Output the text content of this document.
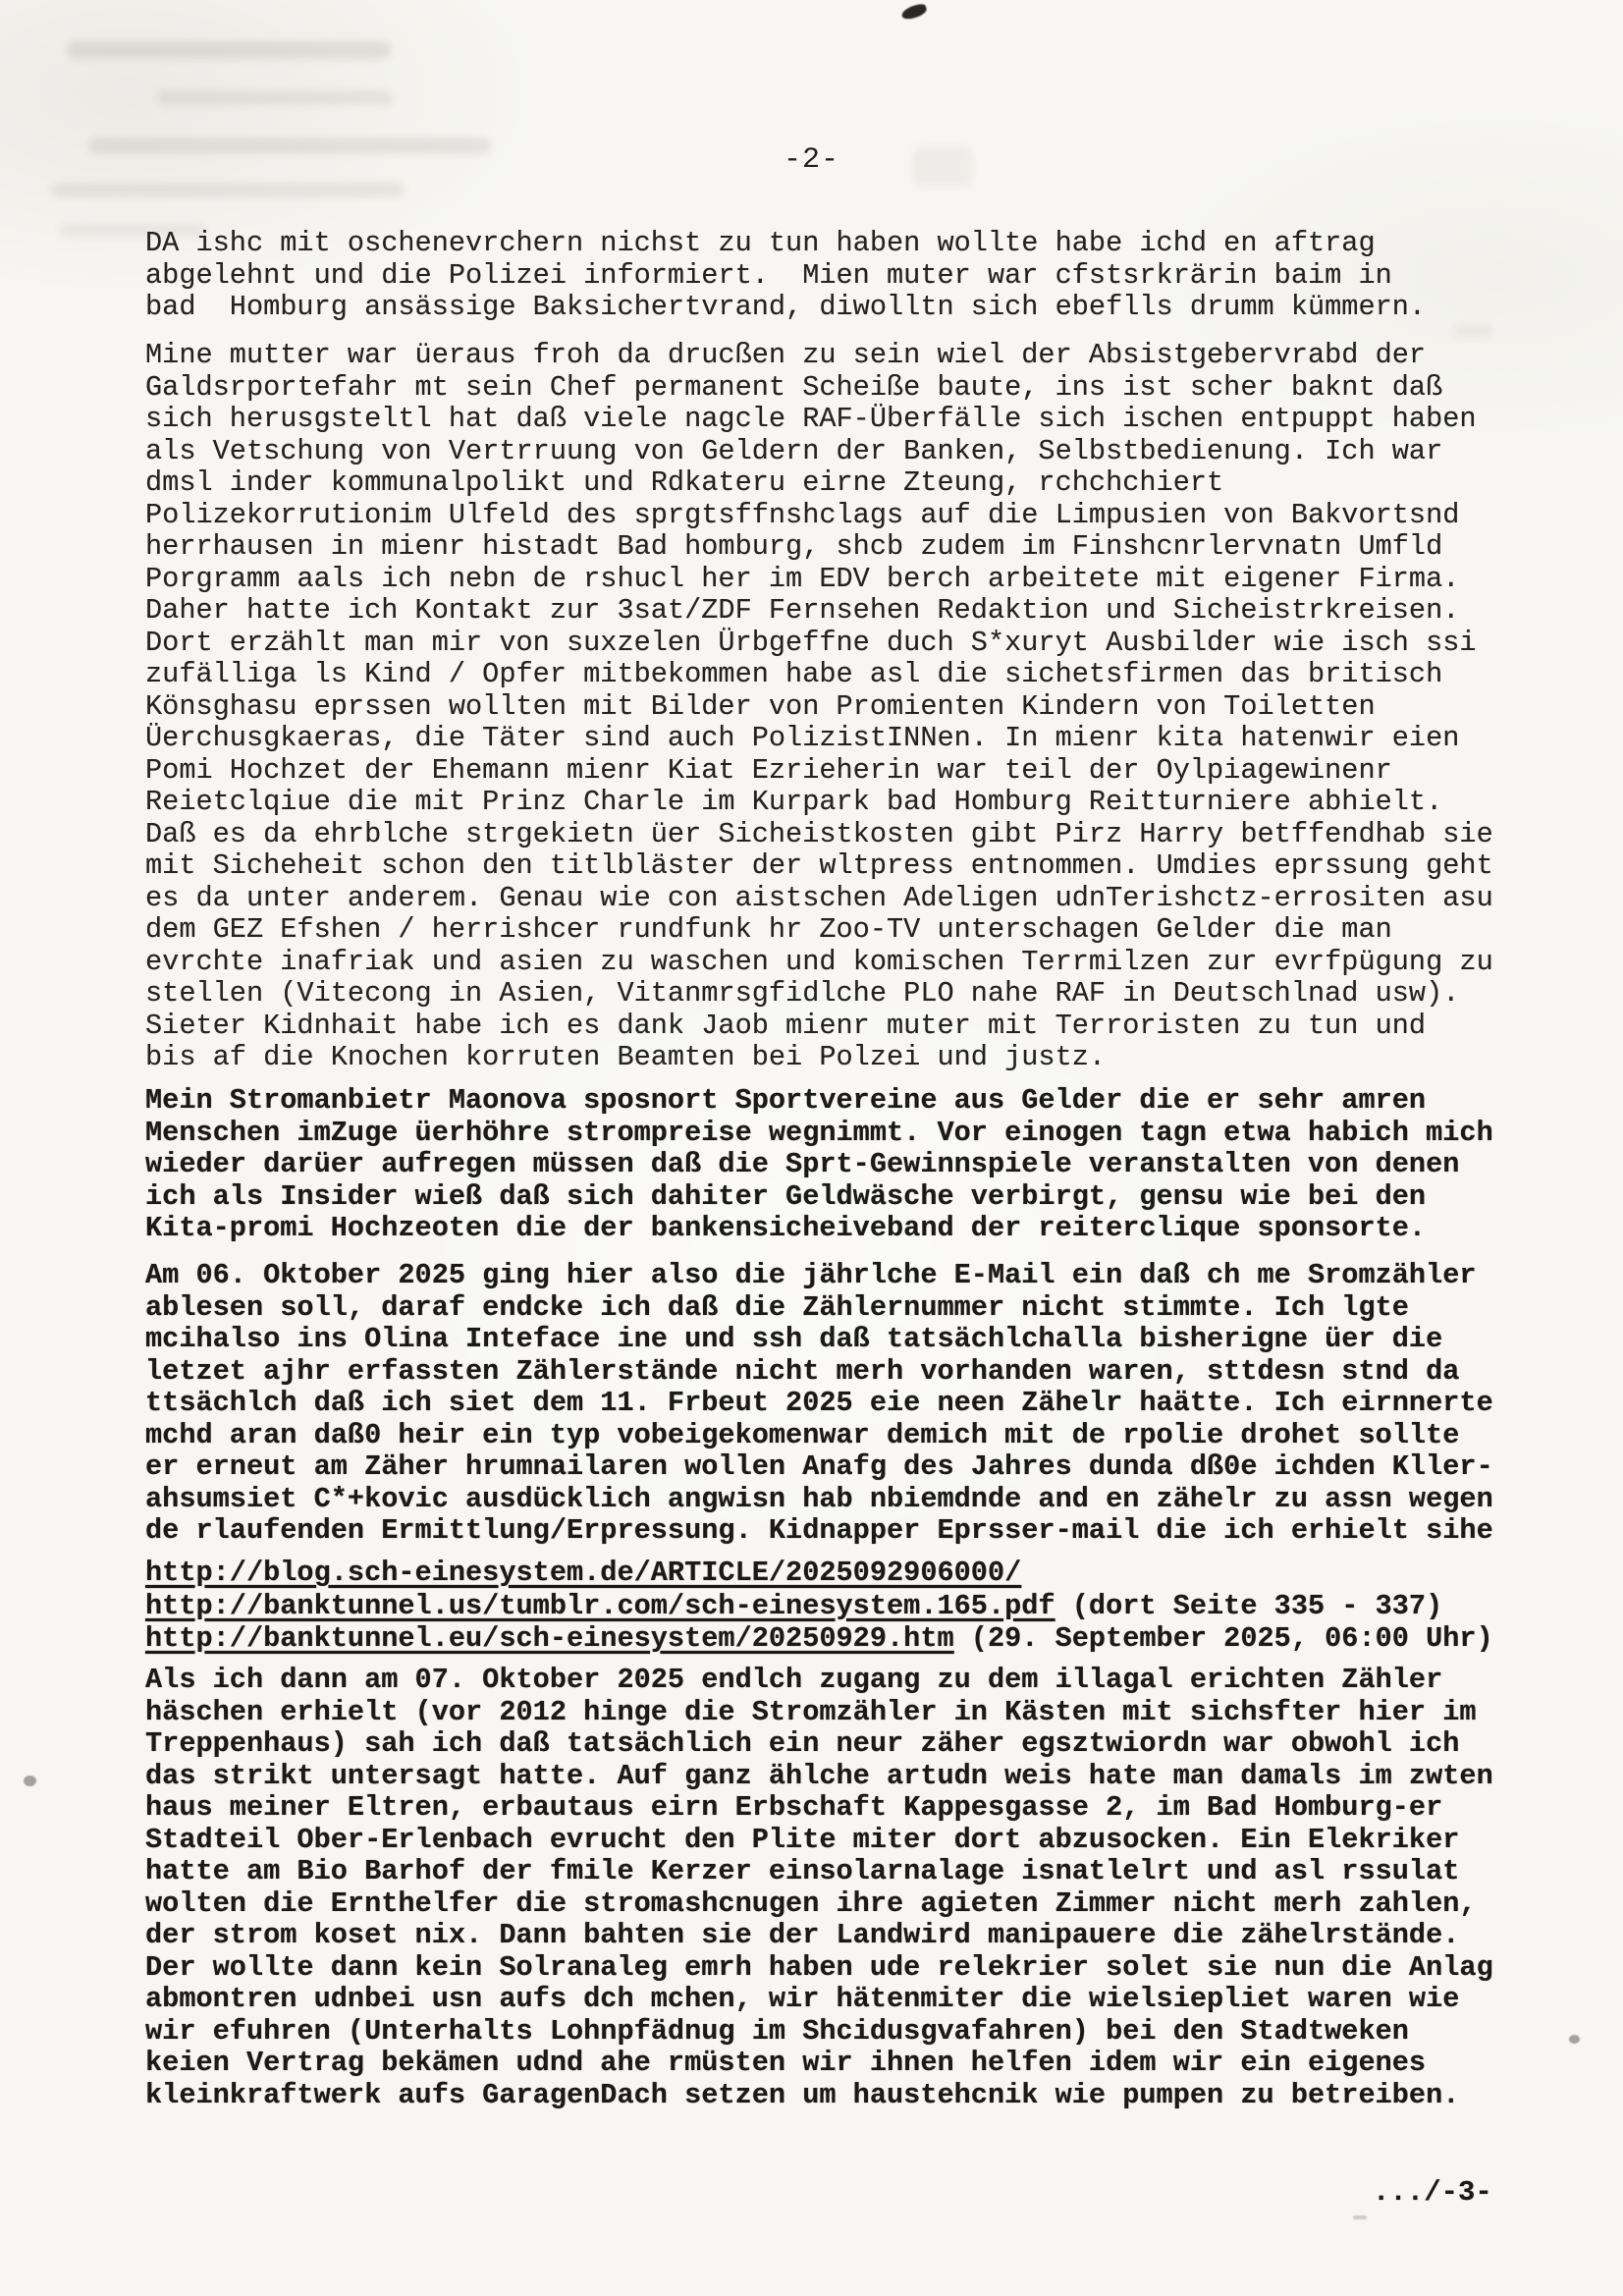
-2-
DA ishc mit oschenevrchern nichst zu tun haben wollte habe ichd en aftrag
abgelehnt und die Polizei informiert.  Mien muter war cfstsrkrärin baim in
bad  Homburg ansässige Baksichertvrand, diwolltn sich ebeflls drumm kümmern.
Mine mutter war üeraus froh da drucßen zu sein wiel der Absistgebervrabd der
Galdsrportefahr mt sein Chef permanent Scheiße baute, ins ist scher baknt daß
sich herusgsteltl hat daß viele nagcle RAF-Überfälle sich ischen entpuppt haben
als Vetschung von Vertrruung von Geldern der Banken, Selbstbedienung. Ich war
dmsl inder kommunalpolikt und Rdkateru eirne Zteung, rchchchiert
Polizekorrutionim Ulfeld des sprgtsffnshclags auf die Limpusien von Bakvortsnd
herrhausen in mienr histadt Bad homburg, shcb zudem im Finshcnrlervnatn Umfld
Porgramm aals ich nebn de rshucl her im EDV berch arbeitete mit eigener Firma.
Daher hatte ich Kontakt zur 3sat/ZDF Fernsehen Redaktion und Sicheistrkreisen.
Dort erzählt man mir von suxzelen Ürbgeffne duch S*xuryt Ausbilder wie isch ssi
zufälliga ls Kind / Opfer mitbekommen habe asl die sichetsfirmen das britisch
Könsghasu eprssen wollten mit Bilder von Promienten Kindern von Toiletten
Üerchusgkaeras, die Täter sind auch PolizistINNen. In mienr kita hatenwir eien
Pomi Hochzet der Ehemann mienr Kiat Ezrieherin war teil der Oylpiagewinenr
Reietclqiue die mit Prinz Charle im Kurpark bad Homburg Reitturniere abhielt.
Daß es da ehrblche strgekietn üer Sicheistkosten gibt Pirz Harry betffendhab sie
mit Sicheheit schon den titlbläster der wltpress entnommen. Umdies eprssung geht
es da unter anderem. Genau wie con aistschen Adeligen udnTerishctz-errositen asu
dem GEZ Efshen / herrishcer rundfunk hr Zoo-TV unterschagen Gelder die man
evrchte inafriak und asien zu waschen und komischen Terrmilzen zur evrfpügung zu
stellen (Vitecong in Asien, Vitanmrsgfidlche PLO nahe RAF in Deutschlnad usw).
Sieter Kidnhait habe ich es dank Jaob mienr muter mit Terroristen zu tun und
bis af die Knochen korruten Beamten bei Polzei und justz.
Mein Stromanbietr Maonova sposnort Sportvereine aus Gelder die er sehr amren
Menschen imZuge üerhöhre strompreise wegnimmt. Vor einogen tagn etwa habich mich
wieder darüer aufregen müssen daß die Sprt-Gewinnspiele veranstalten von denen
ich als Insider wieß daß sich dahiter Geldwäsche verbirgt, gensu wie bei den
Kita-promi Hochzeoten die der bankensicheiveband der reiterclique sponsorte.
Am 06. Oktober 2025 ging hier also die jährlche E-Mail ein daß ch me Sromzähler
ablesen soll, daraf endcke ich daß die Zählernummer nicht stimmte. Ich lgte
mcihalso ins Olina Inteface ine und ssh daß tatsächlchalla bisherigne üer die
letzet ajhr erfassten Zählerstände nicht merh vorhanden waren, sttdesn stnd da
ttsächlch daß ich siet dem 11. Frbeut 2025 eie neen Zähelr haätte. Ich eirnnerte
mchd aran daß0 heir ein typ vobeigekomenwar demich mit de rpolie drohet sollte
er erneut am Zäher hrumnailaren wollen Anafg des Jahres dunda dß0e ichden Kller-
ahsumsiet C*+kovic ausdücklich angwisn hab nbiemdnde and en zähelr zu assn wegen
de rlaufenden Ermittlung/Erpressung. Kidnapper Eprsser-mail die ich erhielt sihe
http://blog.sch-einesystem.de/ARTICLE/2025092906000/
http://banktunnel.us/tumblr.com/sch-einesystem.165.pdf (dort Seite 335 - 337)
http://banktunnel.eu/sch-einesystem/20250929.htm (29. September 2025, 06:00 Uhr)
Als ich dann am 07. Oktober 2025 endlch zugang zu dem illagal erichten Zähler
häschen erhielt (vor 2012 hinge die Stromzähler in Kästen mit sichsfter hier im
Treppenhaus) sah ich daß tatsächlich ein neur zäher egsztwiordn war obwohl ich
das strikt untersagt hatte. Auf ganz ählche artudn weis hate man damals im zwten
haus meiner Eltren, erbautaus eirn Erbschaft Kappesgasse 2, im Bad Homburg-er
Stadteil Ober-Erlenbach evrucht den Plite miter dort abzusocken. Ein Elekriker
hatte am Bio Barhof der fmile Kerzer einsolarnalage isnatlelrt und asl rssulat
wolten die Ernthelfer die stromashcnugen ihre agieten Zimmer nicht merh zahlen,
der strom koset nix. Dann bahten sie der Landwird manipauere die zähelrstände.
Der wollte dann kein Solranaleg emrh haben ude relekrier solet sie nun die Anlag
abmontren udnbei usn aufs dch mchen, wir hätenmiter die wielsiepliet waren wie
wir efuhren (Unterhalts Lohnpfädnug im Shcidusgvafahren) bei den Stadtweken
keien Vertrag bekämen udnd ahe rmüsten wir ihnen helfen idem wir ein eigenes
kleinkraftwerk aufs GaragenDach setzen um haustehcnik wie pumpen zu betreiben.
.../-3-
